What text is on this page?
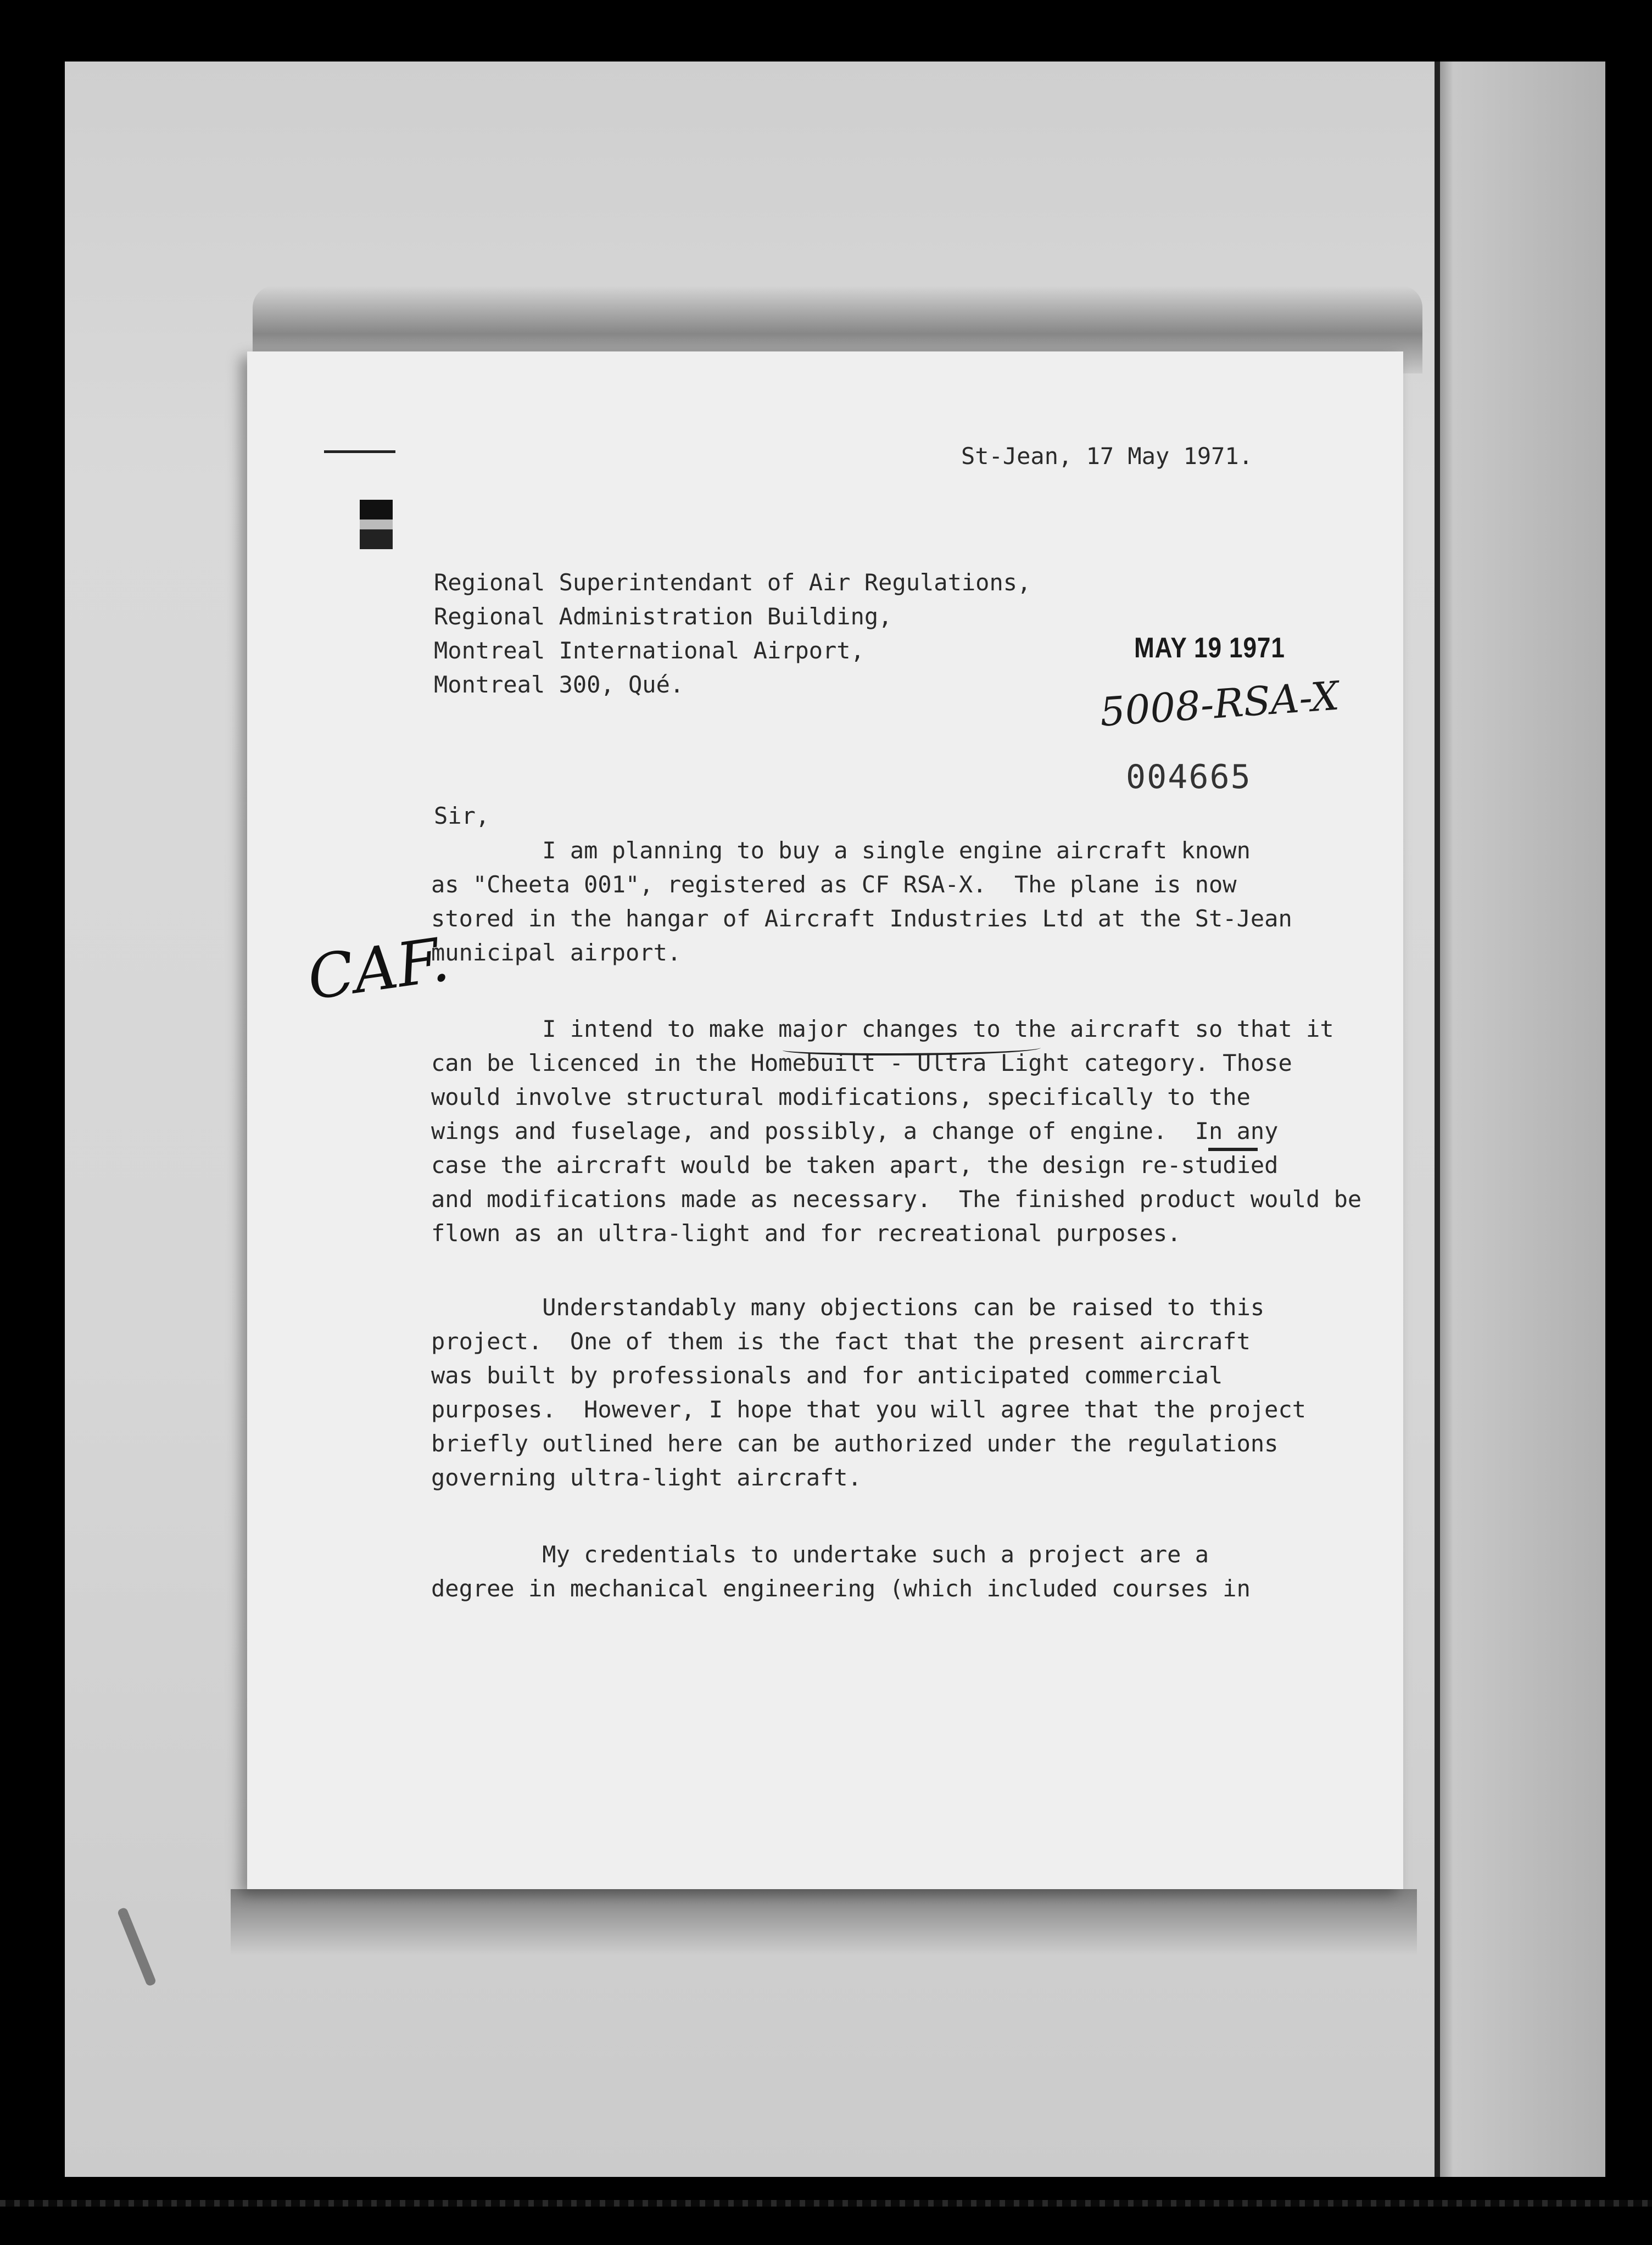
St-Jean, 17 May 1971.
Regional Superintendant of Air Regulations,
Regional Administration Building,
Montreal International Airport,
Montreal 300, Qué.
MAY 19 1971
5008-RSA-X
004665
Sir,
I am planning to buy a single engine aircraft known
as "Cheeta 001", registered as CF RSA-X.  The plane is now
stored in the hangar of Aircraft Industries Ltd at the St-Jean
municipal airport.
CAF.
I intend to make major changes to the aircraft so that it
can be licenced in the Homebuilt - Ultra Light category. Those
would involve structural modifications, specifically to the
wings and fuselage, and possibly, a change of engine.  In any
case the aircraft would be taken apart, the design re-studied
and modifications made as necessary.  The finished product would be
flown as an ultra-light and for recreational purposes.
Understandably many objections can be raised to this
project.  One of them is the fact that the present aircraft
was built by professionals and for anticipated commercial
purposes.  However, I hope that you will agree that the project
briefly outlined here can be authorized under the regulations
governing ultra-light aircraft.
My credentials to undertake such a project are a
degree in mechanical engineering (which included courses in
